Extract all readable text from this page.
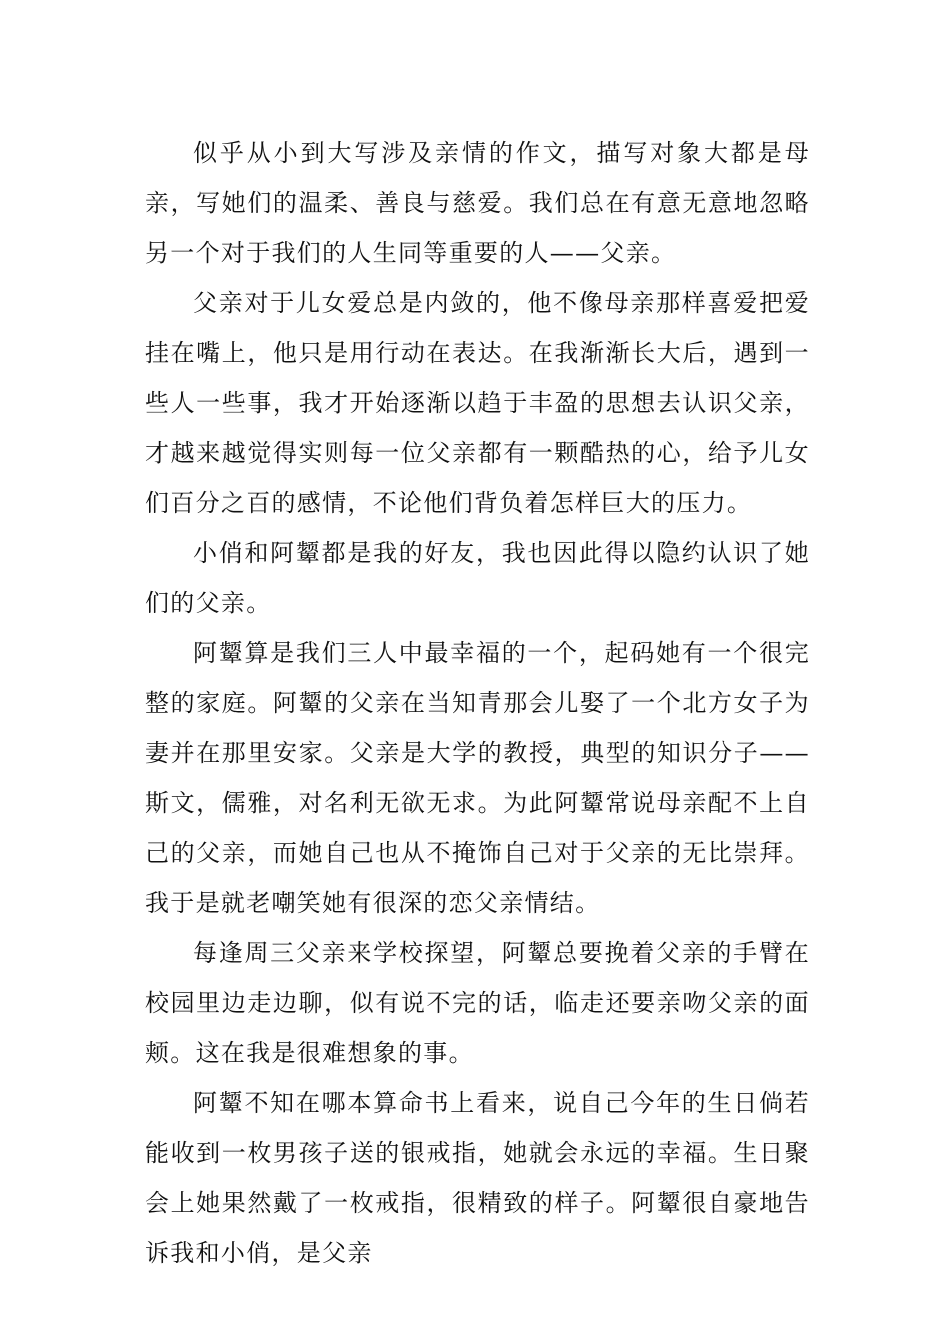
似乎从小到大写涉及亲情的作文，描写对象大都是母亲，写她们的温柔、善良与慈爱。我们总在有意无意地忽略另一个对于我们的人生同等重要的人——父亲。

父亲对于儿女爱总是内敛的，他不像母亲那样喜爱把爱挂在嘴上，他只是用行动在表达。在我渐渐长大后，遇到一些人一些事，我才开始逐渐以趋于丰盈的思想去认识父亲，才越来越觉得实则每一位父亲都有一颗酷热的心，给予儿女们百分之百的感情，不论他们背负着怎样巨大的压力。

小俏和阿颦都是我的好友，我也因此得以隐约认识了她们的父亲。

阿颦算是我们三人中最幸福的一个，起码她有一个很完整的家庭。阿颦的父亲在当知青那会儿娶了一个北方女子为妻并在那里安家。父亲是大学的教授，典型的知识分子——斯文，儒雅，对名利无欲无求。为此阿颦常说母亲配不上自己的父亲，而她自己也从不掩饰自己对于父亲的无比崇拜。我于是就老嘲笑她有很深的恋父亲情结。

每逢周三父亲来学校探望，阿颦总要挽着父亲的手臂在校园里边走边聊，似有说不完的话，临走还要亲吻父亲的面颊。这在我是很难想象的事。

阿颦不知在哪本算命书上看来，说自己今年的生日倘若能收到一枚男孩子送的银戒指，她就会永远的幸福。生日聚会上她果然戴了一枚戒指，很精致的样子。阿颦很自豪地告诉我和小俏，是父亲
